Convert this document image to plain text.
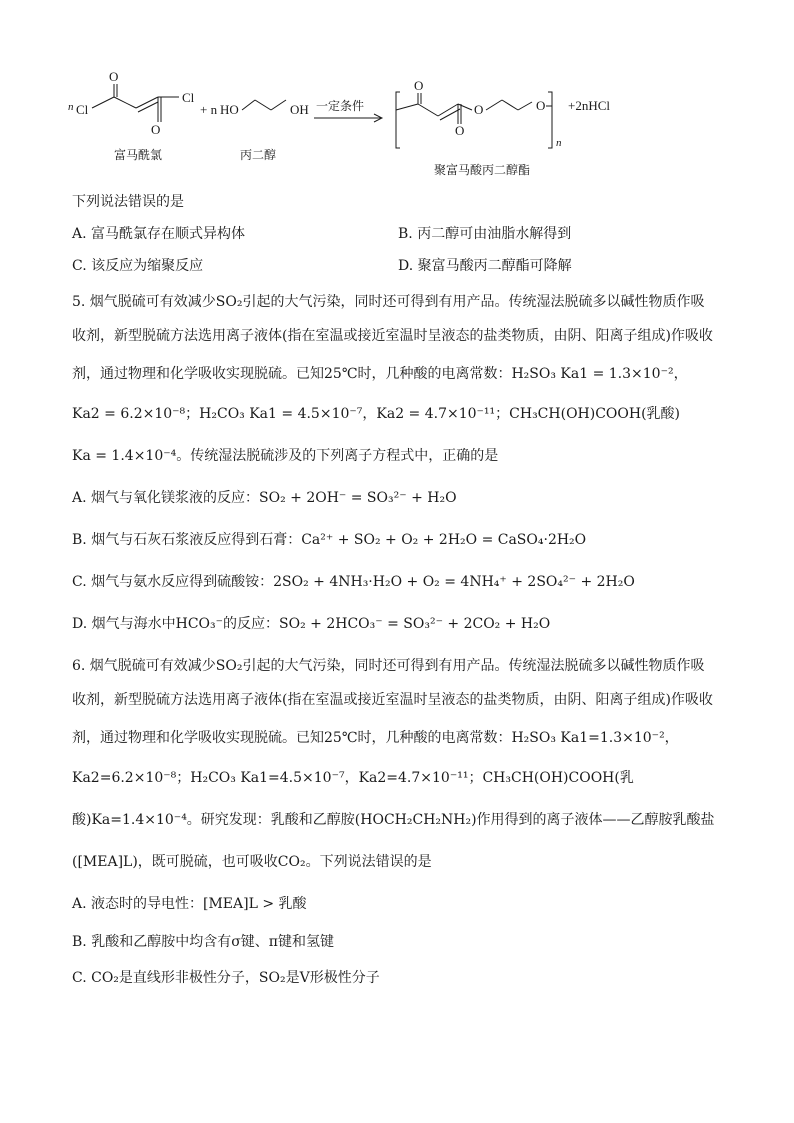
n Cl
O
Cl
O
富马酰氯
+ n HO	OH
丙二醇
一定条件
O
O
O	O
n
+2nHCl
聚富马酸丙二醇酯
下列说法错误的是
A. 富马酰氯存在顺式异构体	B. 丙二醇可由油脂水解得到
C. 该反应为缩聚反应	D. 聚富马酸丙二醇酯可降解
5. 烟气脱硫可有效减少SO₂引起的大气污染，同时还可得到有用产品。传统湿法脱硫多以碱性物质作吸
收剂，新型脱硫方法选用离子液体(指在室温或接近室温时呈液态的盐类物质，由阴、阳离子组成)作吸收
剂，通过物理和化学吸收实现脱硫。已知25℃时，几种酸的电离常数：H₂SO₃ Ka1 = 1.3×10⁻²，
Ka2 = 6.2×10⁻⁸；H₂CO₃ Ka1 = 4.5×10⁻⁷，Ka2 = 4.7×10⁻¹¹；CH₃CH(OH)COOH(乳酸)
Ka = 1.4×10⁻⁴。传统湿法脱硫涉及的下列离子方程式中，正确的是
A. 烟气与氧化镁浆液的反应：SO₂ + 2OH⁻ = SO₃²⁻ + H₂O
B. 烟气与石灰石浆液反应得到石膏：Ca²⁺ + SO₂ + O₂ + 2H₂O = CaSO₄·2H₂O
C. 烟气与氨水反应得到硫酸铵：2SO₂ + 4NH₃·H₂O + O₂ = 4NH₄⁺ + 2SO₄²⁻ + 2H₂O
D. 烟气与海水中HCO₃⁻的反应：SO₂ + 2HCO₃⁻ = SO₃²⁻ + 2CO₂ + H₂O
6. 烟气脱硫可有效减少SO₂引起的大气污染，同时还可得到有用产品。传统湿法脱硫多以碱性物质作吸
收剂，新型脱硫方法选用离子液体(指在室温或接近室温时呈液态的盐类物质，由阴、阳离子组成)作吸收
剂，通过物理和化学吸收实现脱硫。已知25℃时，几种酸的电离常数：H₂SO₃ Ka1=1.3×10⁻²，
Ka2=6.2×10⁻⁸；H₂CO₃ Ka1=4.5×10⁻⁷，Ka2=4.7×10⁻¹¹；CH₃CH(OH)COOH(乳
酸)Ka=1.4×10⁻⁴。研究发现：乳酸和乙醇胺(HOCH₂CH₂NH₂)作用得到的离子液体——乙醇胺乳酸盐
([MEA]L)，既可脱硫，也可吸收CO₂。下列说法错误的是
A. 液态时的导电性：[MEA]L > 乳酸
B. 乳酸和乙醇胺中均含有σ键、π键和氢键
C. CO₂是直线形非极性分子，SO₂是V形极性分子
